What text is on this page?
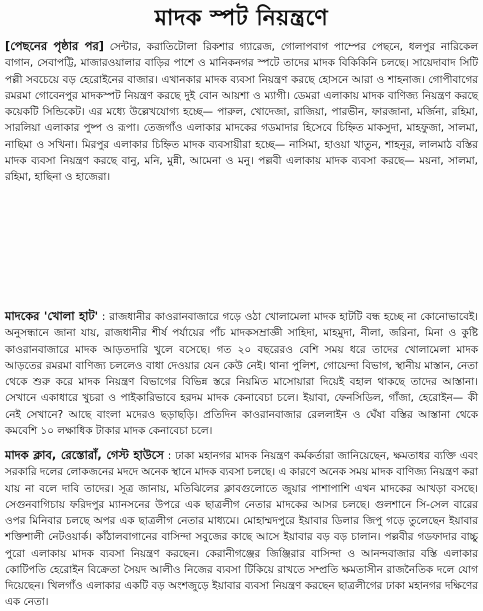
মাদক স্পট নিয়ন্ত্রণে

[পেছনের পৃষ্ঠার পর] সেন্টার, করাতিটোলা রিকশার গ্যারেজ, গোলাপবাগ পাম্পের পেছনে, ধলপুর নারিকেল বাগান, সেবাপট্টি, মাজারওয়ালার বাড়ির পাশে ও মানিকনগর স্পটে তাদের মাদক বিকিকিনি চলছে। সায়েদাবাদ সিটি পল্লী সবচেয়ে বড় হেরোইনের বাজার। এখানকার মাদক ব্যবসা নিয়ন্ত্রণ করছে হোসনে আরা ও শাহনাজ। গোপীবাগের রমরমা গোবেনপুর মাদকস্পট নিয়ন্ত্রণ করছে দুই বোন আয়শা ও ম্যাগী। ডেমরা এলাকায় মাদক বাণিজ্য নিয়ন্ত্রণ করছে কয়েকটি সিন্ডিকেট। এর মধ্যে উল্লেখযোগ্য হচ্ছে— পারুল, খোদেজা, রাজিয়া, পারভীন, ফারজানা, মর্জিনা, রহিমা, সারলিয়া এলাকার পুষ্প ও রূপা। তেজগাঁও এলাকার মাদকের গডমাদার হিসেবে চিহ্নিত মাকসুদা, মাহফুজা, সালমা, নাছিমা ও সখিনা। মিরপুর এলাকার চিহ্নিত মাদক ব্যবসায়ীরা হচ্ছে— নাসিমা, হাওয়া খাতুন, শাহনূর, লালমাঠ বস্তির মাদক ব্যবসা নিয়ন্ত্রণ করছে বানু, মনি, মুন্নী, আমেনা ও মনু। পল্লবী এলাকায় মাদক ব্যবসা করছে— ময়না, সালমা, রহিমা, হাছিনা ও হাজেরা।

মাদকের 'খোলা হাট' : রাজধানীর কাওরানবাজারে গড়ে ওঠা খোলামেলা মাদক হাটটি বন্ধ হচ্ছে না কোনোভাবেই। অনুসন্ধানে জানা যায়, রাজধানীর শীর্ষ পর্যায়ের পাঁচ মাদকসম্রাজ্ঞী সাহিদা, মাহমুদা, নীলা, জরিনা, মিনা ও কুষ্টি কাওরানবাজারে মাদক আড়তদারি খুলে বসেছে। গত ২০ বছরেরও বেশি সময় ধরে তাদের খোলামেলা মাদক আড়তের রমরমা বাণিজ্য চললেও বাধা দেওয়ার যেন কেউ নেই। থানা পুলিশ, গোয়েন্দা বিভাগ, স্থানীয় মাস্তান, নেতা থেকে শুরু করে মাদক নিয়ন্ত্রণ বিভাগের বিভিন্ন স্তরে নিয়মিত মাসোয়ারা দিয়েই বহাল থাকছে তাদের আস্তানা। সেখানে একাধারে খুচরা ও পাইকারিভাবে হরদম মাদক কেনাবেচা চলে। ইয়াবা, ফেনসিডিল, গাঁজা, হেরোইন— কী নেই সেখানে? আছে বাংলা মদেরও ছড়াছড়ি। প্রতিদিন কাওরানবাজার রেললাইন ও ঘেঁষা বস্তির আস্তানা থেকে কমবেশি ১০ লক্ষাধিক টাকার মাদক কেনাবেচা চলে।

মাদক ক্লাব, রেস্তোরাঁ, গেস্ট হাউসে : ঢাকা মহানগর মাদক নিয়ন্ত্রণ কর্মকর্তারা জানিয়েছেন, ক্ষমতাধর ব্যক্তি এবং সরকারি দলের লোকজনের মদদে অনেক স্থানে মাদক ব্যবসা চলছে। এ কারণে অনেক সময় মাদক বাণিজ্য নিয়ন্ত্রণ করা যায় না বলে দাবি তাদের। সূত্র জানায়, মতিঝিলের ক্লাবগুলোতে জুয়ার পাশাপাশি এখন মাদকের আখড়া বসছে। সেগুনবাগিচায় ফরিদপুর ম্যানসনের উপরে এক ছাত্রলীগ নেতার মাদকের আসর চলছে। গুলশানে সি-সেল বারের ওপর মিনিবার চলছে অপর এক ছাত্রলীগ নেতার মাধ্যমে। মোহাম্মদপুরে ইয়াবার ডিলার জিপু গড়ে তুলেছেন ইয়াবার শক্তিশালী নেটওয়ার্ক। কাঁঠালবাগানের বাসিন্দা সবুজের কাছে আসে ইয়াবার বড় বড় চালান। পল্লবীর গডফাদার বাচ্চু পুরো এলাকায় মাদক ব্যবসা নিয়ন্ত্রণ করছেন। কেরানীগঞ্জের জিঞ্জিরার বাসিন্দা ও আনন্দবাজার বস্তি এলাকার কোটিপতি হেরোইন বিক্রেতা সৈয়দ আলীও নিজের ব্যবসা টিকিয়ে রাখতে সম্প্রতি ক্ষমতাসীন রাজনৈতিক দলে যোগ দিয়েছেন। খিলগাঁও এলাকার একটি বড় অংশজুড়ে ইয়াবার ব্যবসা নিয়ন্ত্রণ করছেন ছাত্রলীগের ঢাকা মহানগর দক্ষিণের এক নেতা।
